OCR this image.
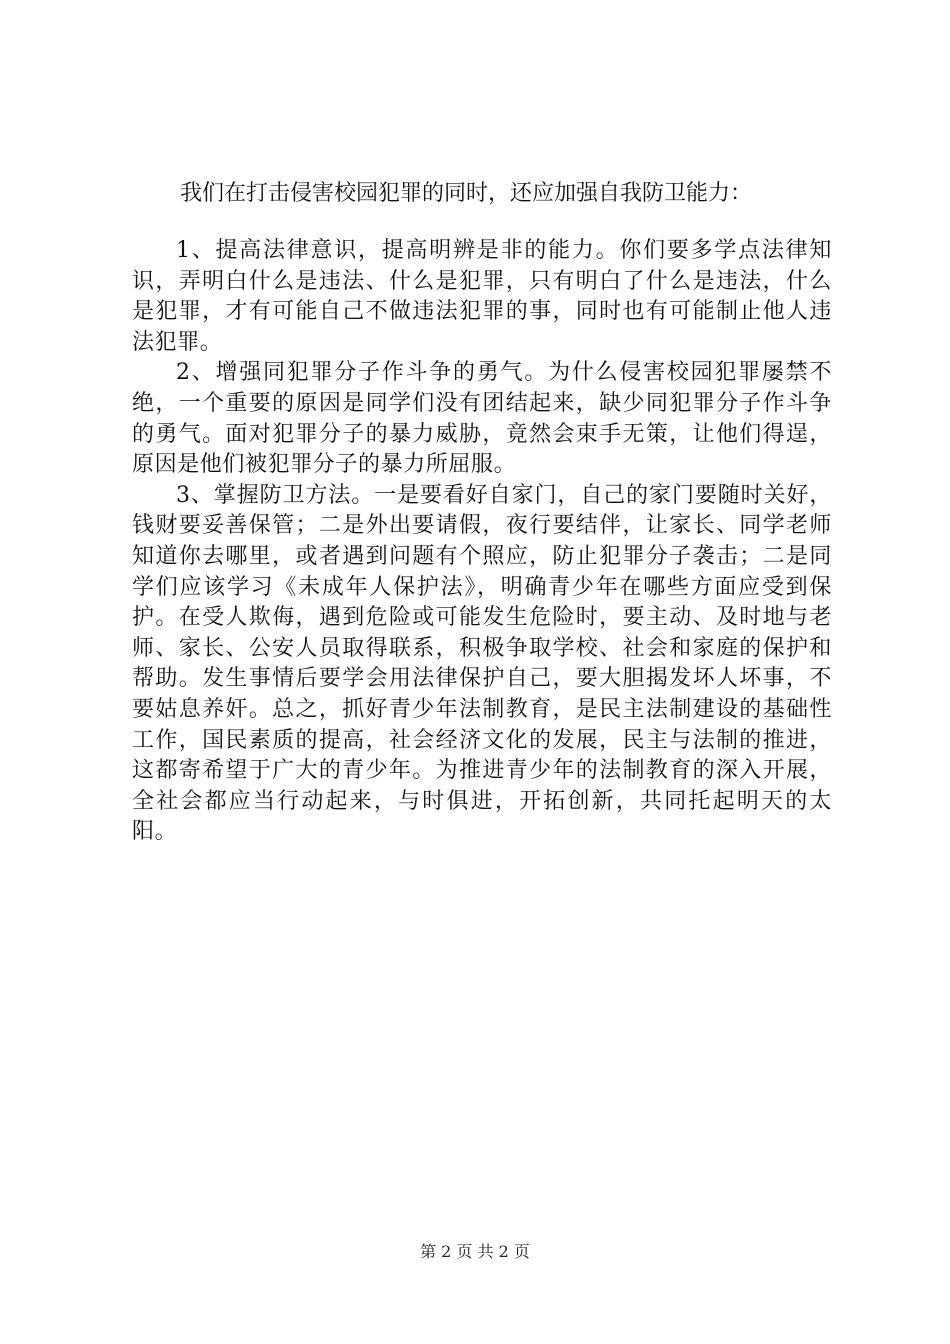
我们在打击侵害校园犯罪的同时，还应加强自我防卫能力：

1、提高法律意识，提高明辨是非的能力。你们要多学点法律知识，弄明白什么是违法、什么是犯罪，只有明白了什么是违法，什么是犯罪，才有可能自己不做违法犯罪的事，同时也有可能制止他人违法犯罪。

2、增强同犯罪分子作斗争的勇气。为什么侵害校园犯罪屡禁不绝，一个重要的原因是同学们没有团结起来，缺少同犯罪分子作斗争的勇气。面对犯罪分子的暴力威胁，竟然会束手无策，让他们得逞，原因是他们被犯罪分子的暴力所屈服。

3、掌握防卫方法。一是要看好自家门，自己的家门要随时关好，钱财要妥善保管；二是外出要请假，夜行要结伴，让家长、同学老师知道你去哪里，或者遇到问题有个照应，防止犯罪分子袭击；二是同学们应该学习《未成年人保护法》，明确青少年在哪些方面应受到保护。在受人欺侮，遇到危险或可能发生危险时，要主动、及时地与老师、家长、公安人员取得联系，积极争取学校、社会和家庭的保护和帮助。发生事情后要学会用法律保护自己，要大胆揭发坏人坏事，不要姑息养奸。总之，抓好青少年法制教育，是民主法制建设的基础性工作，国民素质的提高，社会经济文化的发展，民主与法制的推进，这都寄希望于广大的青少年。为推进青少年的法制教育的深入开展，全社会都应当行动起来，与时俱进，开拓创新，共同托起明天的太阳。

第 2 页 共 2 页
